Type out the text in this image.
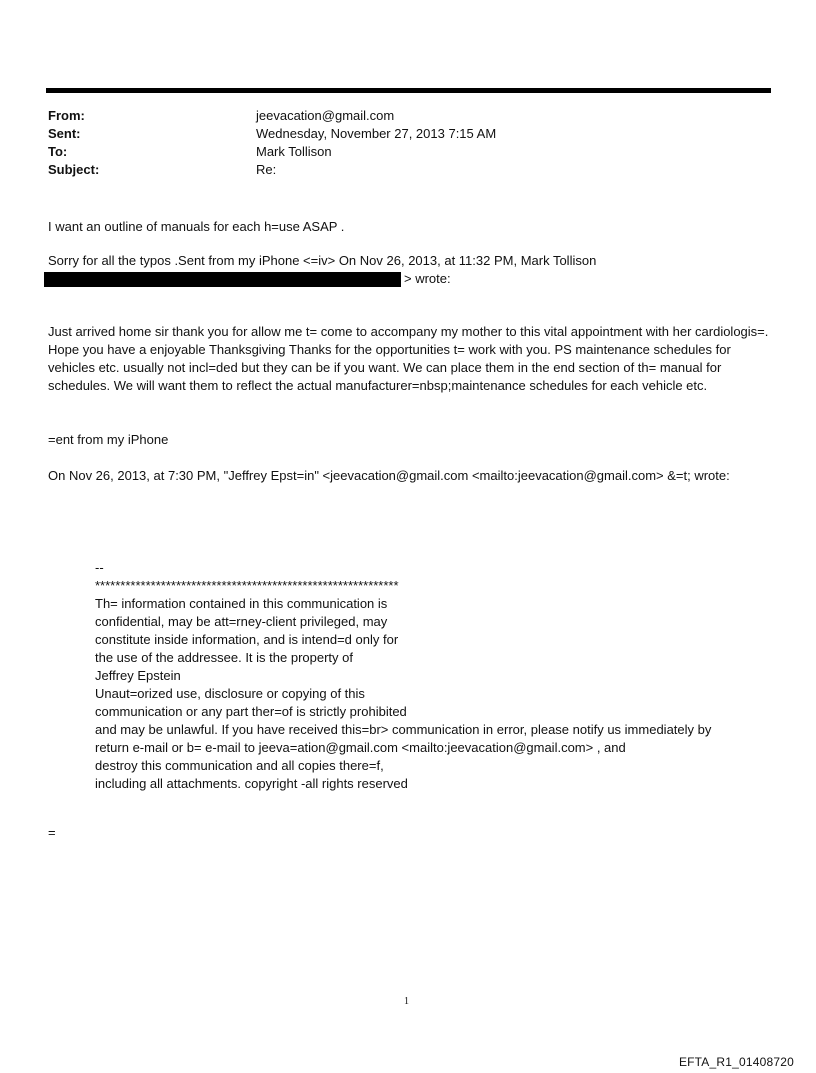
From:	jeevacation@gmail.com
Sent:	Wednesday, November 27, 2013 7:15 AM
To:	Mark Tollison
Subject:	Re:
I want an outline of manuals for each h=use ASAP .
Sorry for all the typos .Sent from my iPhone <=iv> On Nov 26, 2013, at 11:32 PM, Mark Tollison
> wrote:
Just arrived home sir thank you for allow me t= come to accompany my mother to this vital appointment with her cardiologis=. Hope you have a enjoyable Thanksgiving Thanks for the opportunities t= work with you. PS maintenance schedules for vehicles etc. usually not incl=ded but they can be if you want. We can place them in the end section of th= manual for schedules. We will want them to reflect the actual manufacturer=nbsp;maintenance schedules for each vehicle etc.
=ent from my iPhone
On Nov 26, 2013, at 7:30 PM, "Jeffrey Epst=in" <jeevacation@gmail.com <mailto:jeevacation@gmail.com> &=t; wrote:
--
************************************************************
Th= information contained in this communication is
confidential, may be att=rney-client privileged, may
constitute inside information, and is intend=d only for
the use of the addressee. It is the property of
Jeffrey Epstein
Unaut=orized use, disclosure or copying of this
communication or any part ther=of is strictly prohibited
and may be unlawful. If you have received this=br> communication in error, please notify us immediately by
return e-mail or b= e-mail to jeeva=ation@gmail.com <mailto:jeevacation@gmail.com> , and
destroy this communication and all copies there=f,
including all attachments. copyright -all rights reserved
=
1
EFTA_R1_01408720
